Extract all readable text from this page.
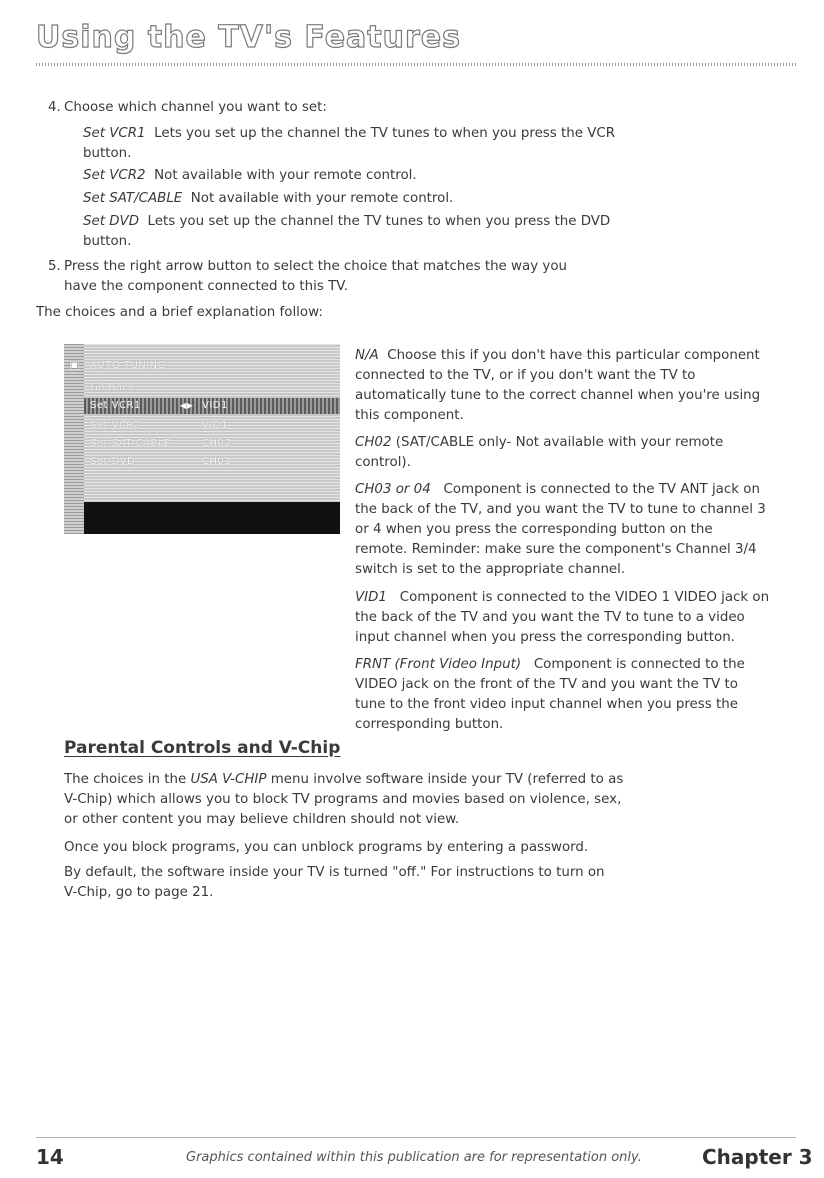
Using the TV's Features
4. Choose which channel you want to set:
Set VCR1 Lets you set up the channel the TV tunes to when you press the VCR
button.
Set VCR2 Not available with your remote control.
Set SAT/CABLE Not available with your remote control.
Set DVD Lets you set up the channel the TV tunes to when you press the DVD
button.
5. Press the right arrow button to select the choice that matches the way you
have the component connected to this TV.
The choices and a brief explanation follow:
▣ AUTO TUNING
Go Back
Set VCR1	◀▶ VID1
Set VCR2	VID1
Set SAT/CABLE	CH02
Set DVD	CH03
N/A Choose this if you don't have this particular component
connected to the TV, or if you don't want the TV to
automatically tune to the correct channel when you're using
this component.
CH02 (SAT/CABLE only- Not available with your remote
control).
CH03 or 04 Component is connected to the TV ANT jack on
the back of the TV, and you want the TV to tune to channel 3
or 4 when you press the corresponding button on the
remote. Reminder: make sure the component's Channel 3/4
switch is set to the appropriate channel.
VID1 Component is connected to the VIDEO 1 VIDEO jack on
the back of the TV and you want the TV to tune to a video
input channel when you press the corresponding button.
FRNT (Front Video Input) Component is connected to the
VIDEO jack on the front of the TV and you want the TV to
tune to the front video input channel when you press the
corresponding button.
Parental Controls and V-Chip
The choices in the USA V-CHIP menu involve software inside your TV (referred to as
V-Chip) which allows you to block TV programs and movies based on violence, sex,
or other content you may believe children should not view.
Once you block programs, you can unblock programs by entering a password.
By default, the software inside your TV is turned "off." For instructions to turn on
V-Chip, go to page 21.
14	Graphics contained within this publication are for representation only.	Chapter 3
